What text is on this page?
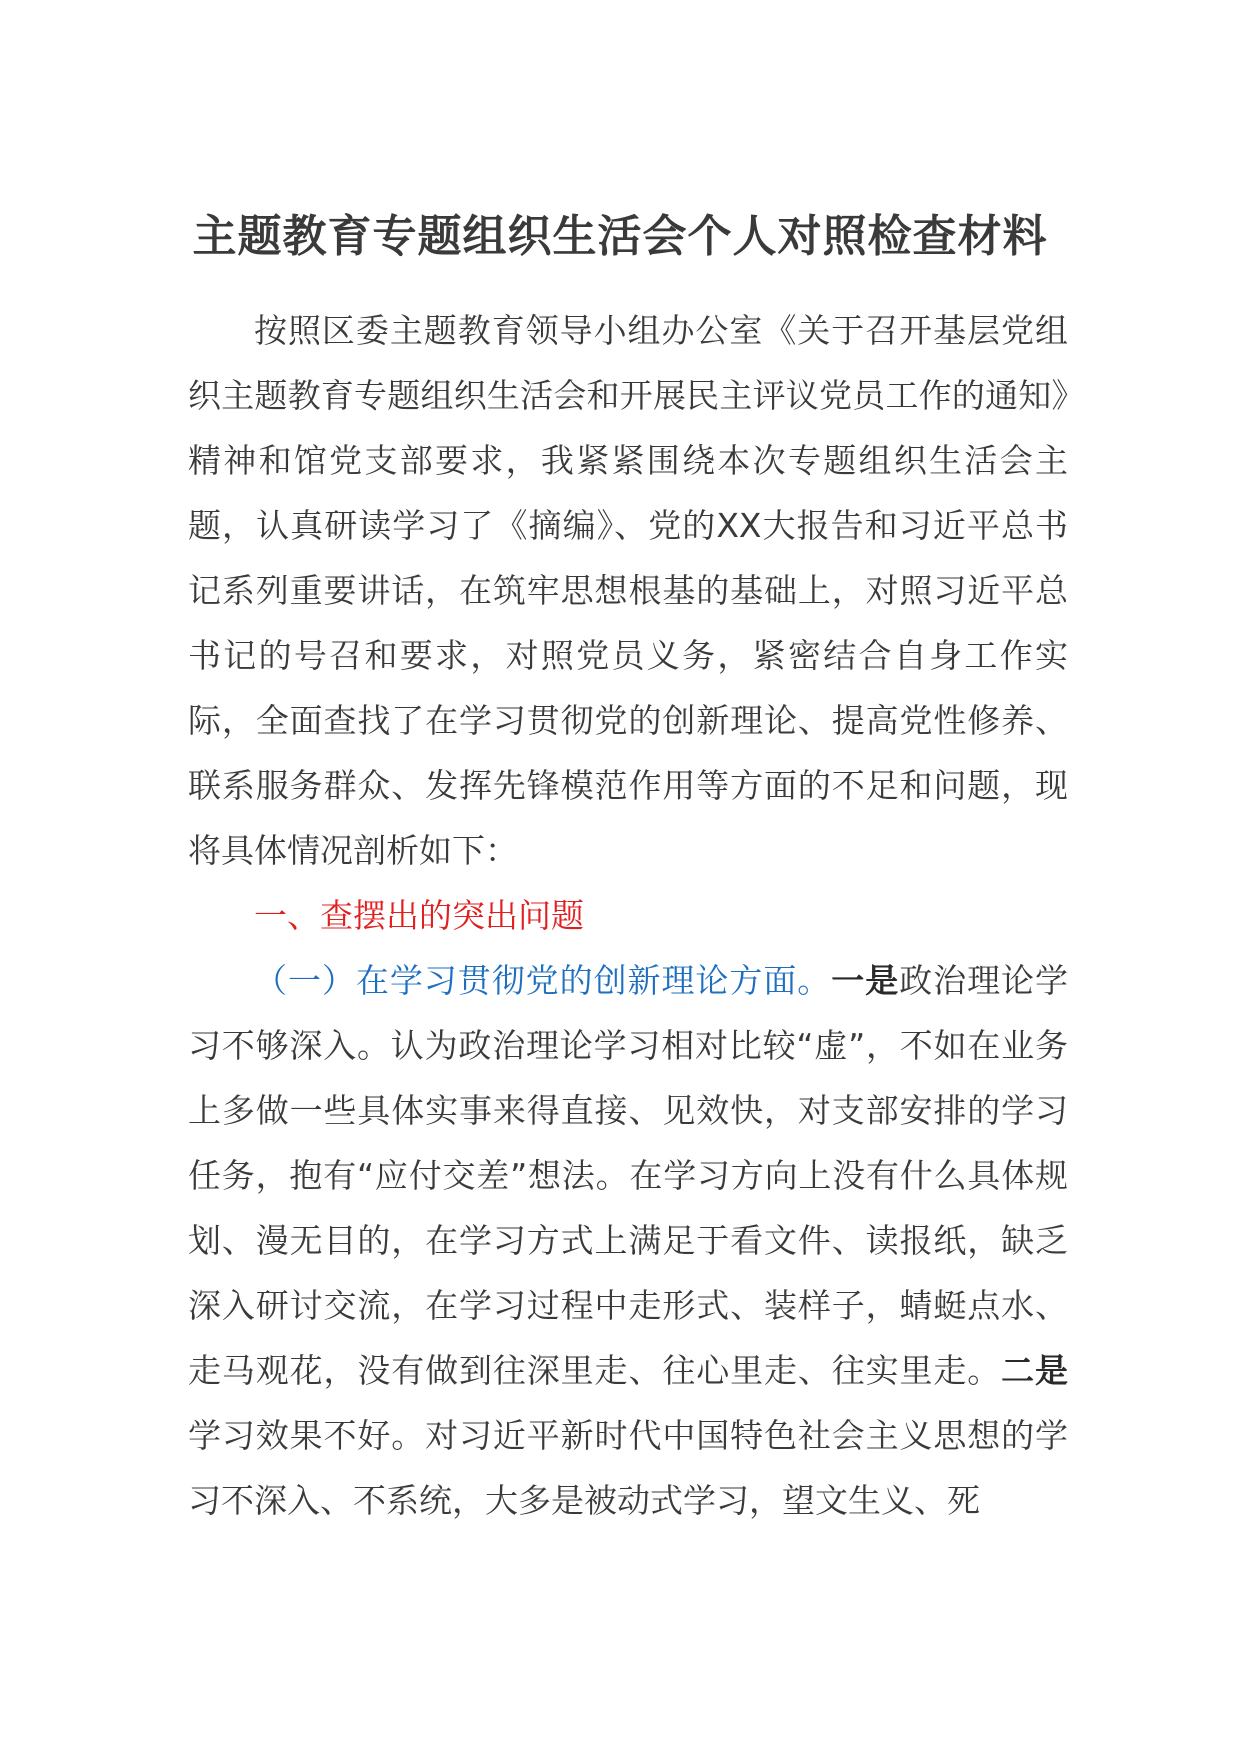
主题教育专题组织生活会个人对照检查材料

按照区委主题教育领导小组办公室《关于召开基层党组织主题教育专题组织生活会和开展民主评议党员工作的通知》精神和馆党支部要求，我紧紧围绕本次专题组织生活会主题，认真研读学习了《摘编》、党的XX大报告和习近平总书记系列重要讲话，在筑牢思想根基的基础上，对照习近平总书记的号召和要求，对照党员义务，紧密结合自身工作实际，全面查找了在学习贯彻党的创新理论、提高党性修养、联系服务群众、发挥先锋模范作用等方面的不足和问题，现将具体情况剖析如下：

一、查摆出的突出问题

（一）在学习贯彻党的创新理论方面。一是政治理论学习不够深入。认为政治理论学习相对比较“虚”，不如在业务上多做一些具体实事来得直接、见效快，对支部安排的学习任务，抱有“应付交差”想法。在学习方向上没有什么具体规划、漫无目的，在学习方式上满足于看文件、读报纸，缺乏深入研讨交流，在学习过程中走形式、装样子，蜻蜓点水、走马观花，没有做到往深里走、往心里走、往实里走。二是学习效果不好。对习近平新时代中国特色社会主义思想的学习不深入、不系统，大多是被动式学习，望文生义、死
